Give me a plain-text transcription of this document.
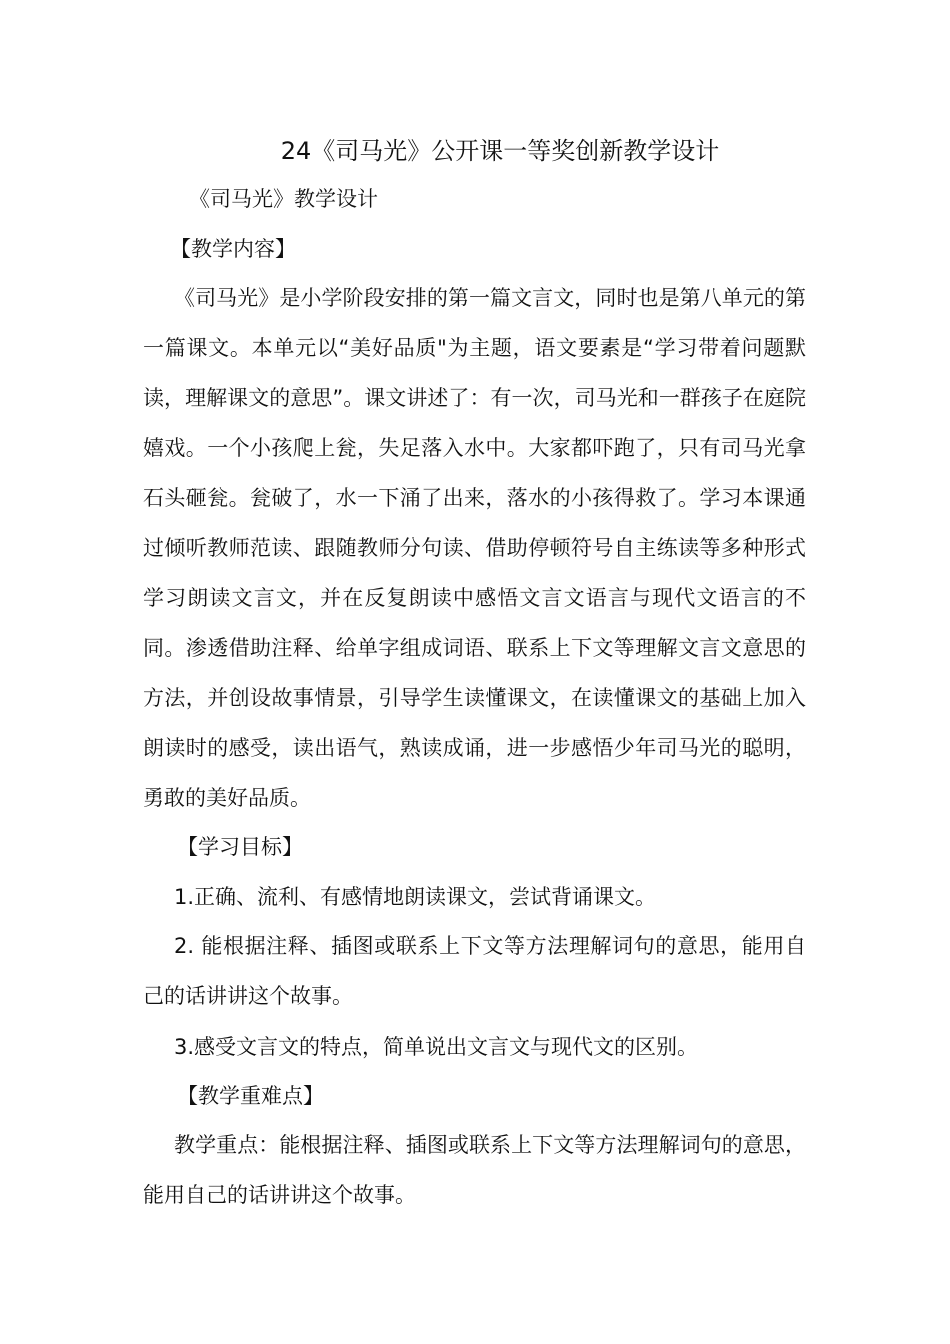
24《司马光》公开课一等奖创新教学设计
《司马光》教学设计
【教学内容】
《司马光》是小学阶段安排的第一篇文言文，同时也是第八单元的第一篇课文。本单元以“美好品质"为主题，语文要素是“学习带着问题默读，理解课文的意思”。课文讲述了：有一次，司马光和一群孩子在庭院嬉戏。一个小孩爬上瓮，失足落入水中。大家都吓跑了，只有司马光拿石头砸瓮。瓮破了，水一下涌了出来，落水的小孩得救了。学习本课通过倾听教师范读、跟随教师分句读、借助停顿符号自主练读等多种形式学习朗读文言文，并在反复朗读中感悟文言文语言与现代文语言的不同。渗透借助注释、给单字组成词语、联系上下文等理解文言文意思的方法，并创设故事情景，引导学生读懂课文，在读懂课文的基础上加入朗读时的感受，读出语气，熟读成诵，进一步感悟少年司马光的聪明，勇敢的美好品质。
【学习目标】
1.正确、流利、有感情地朗读课文，尝试背诵课文。
2. 能根据注释、插图或联系上下文等方法理解词句的意思，能用自己的话讲讲这个故事。
3.感受文言文的特点，简单说出文言文与现代文的区别。
【教学重难点】
教学重点：能根据注释、插图或联系上下文等方法理解词句的意思，能用自己的话讲讲这个故事。
